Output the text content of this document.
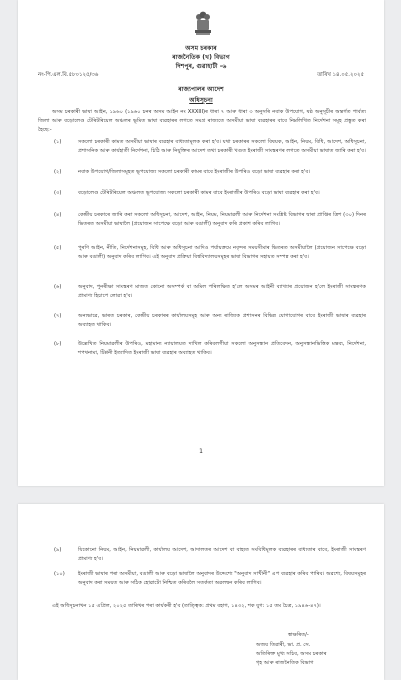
অসম চৰকাৰ
ৰাজনৈতিক (খ) বিভাগ
দিশপুৰ, গুৱাহাটী -৬
নং-পি.এল.বি.৫৮০১২৫/৩৬	তাৰিখ ১৪.০৫.২০২৫
ৰাজ্যপালৰ আদেশ
অধিসূচনা
অসম চৰকাৰী ভাষা আইন, ১৯৬০ (১৯৬০ চনৰ অসম আইন নং XXXIII)ৰ ধাৰা ৭ আৰু ধাৰা ৩ অনুসৰি নবাক উপযোগ, ষষ্ঠ অনুসূচীৰ অন্তৰ্গত পাৰ্বত্য জিলা আৰু বড়োলেণ্ড টেৰিটৰিয়েল অঞ্চলৰ ভূমিত ভাষা ব্যৱহাৰৰ লগতে সমগ্ৰ ৰাজ্যতে অসমীয়া ভাষা ব্যৱহাৰৰ বাবে নিম্নলিখিত নিৰ্দেশনা সমূহ প্ৰস্তুত কৰা হৈছে:-
(১)	সকলো চৰকাৰী কামত অসমীয়া ভাষাৰ ব্যৱহাৰ বাধ্যতামূলক কৰা হ'ব। যথা চৰকাৰৰ সকলো বিষয়ক, আইন, নিয়ম, বিধি, আদেশ, অধিসূচনা, প্ৰশাসনিক আৰু কাৰ্যহাতী নিৰ্দেশনা, চিঠি আৰু নিযুক্তিৰ আদেশ তথা চৰকাৰী খণ্ডত ইংৰাজী সাংস্কৰণৰ লগতে অসমীয়া ভাষাত জাৰি কৰা হ'ব।
(২)	নবাক উপযোগ/জিলাসমূহত ভূপযোজ্য সকলো চৰকাৰী কামৰ বাবে ইংৰাজীৰ উপৰিও বড়ো ভাষা ব্যৱহাৰ কৰা হ'ব।
(৩)	বড়োলেণ্ড টেৰিটৰিয়েল অঞ্চলত ভূপযোজ্য সকলো চৰকাৰী কামৰ বাবে ইংৰাজীৰ উপৰিও বড়ো ভাষা ব্যৱহাৰ কৰা হ'ব।
(৪)	কেন্দ্ৰীয় চৰকাৰে জাৰি কৰা সকলো অধিসূচনা, আদেশ, আইন, নিয়ম, নিয়মাৱলী আৰু নিৰ্দেশনা সংশ্লিষ্ট বিভাগৰ দ্বাৰা প্ৰাপ্তিৰ ত্ৰিশ (৩০) দিনৰ ভিতৰত অসমীয়া ভাষালৈ (প্ৰয়োজন সাপেক্ষে বড়ো আৰু বঙালী) অনুবাদ কৰি প্ৰকাশ কৰিব লাগিব।
(৫)	পুৰণি আইন, নীতি, নিৰ্দেশনাসমূহ, বিধি আৰু অধিসূচনা আদিও পৰ্যায়ক্ৰমে নবৃন্দৰ সময়সীমাৰ ভিতৰত অসমীয়ালৈ (প্ৰয়োজন সাপেক্ষে বড়ো আৰু বঙালী) অনুবাদ কৰিব লাগিব। এই অনুবাদ প্ৰক্ৰিয়া বিশ্ববিদ্যালয়সমূহৰ ভাষা বিভাগৰ সহায়ত সম্পন্ন কৰা হ'ব।
(৬)	অনুবাদ, পুনৰীক্ষা সাংস্কৰণ মাজত কোনো অসম্পৰ্ক বা অমিল পৰিলক্ষিত হ'লে অসমৰ আইনী ব্যাখ্যাৰ প্ৰয়োজন হ'লে ইংৰাজী সাংস্কৰণক প্ৰামাণ্য হিচাপে লোৱা হ'ব।
(৭)	অন্যভাৱে, ভাৰত চৰকাৰ, কেন্দ্ৰীয় চৰকাৰৰ কাৰ্যালয়সমূহ আৰু অন্য ৰাজ্যিক প্ৰশাসনৰ বিভিন্ন যোগাযোগৰ বাবে ইংৰাজী ভাষাৰ ব্যৱহাৰ অব্যাহত থাকিব।
(৮)	উল্লেখিত নিয়মাৱলীৰ উপৰিও, মহামান্য ন্যায়ালয়ত দাখিল কৰিবলগীয়া সকলো অনুসন্ধান প্ৰতিবেদন, অনুসন্ধানভিত্তিক মন্তব্য, নিৰ্দেশনা, শপথনামা, টিপ্পনী ইত্যাদিত ইংৰাজী ভাষা ব্যৱহাৰ অব্যাহত থাকিব।
1
(৯)	যিকোনো নিয়ম, আইন, নিয়মাৱলী, কাৰ্যালয় আদেশ, আদালতৰ আদেশ বা বাহ্যত সংবিধিমূলক ব্যৱহাৰৰ বাধ্যতাৰ বাবে, ইংৰাজী সাংস্কৰণ প্ৰামাণ্য হ'ব।
(১০)	ইংৰাজী ভাষাৰ পৰা অসমীয়া, বঙালী আৰু বড়ো ভাষালৈ অনুবাদৰ উদ্দেশ্যে "অনুবাদ সাখীনী" এপ ব্যৱহাৰ কৰিব পাৰিব। অৱশ্যে, বিষয়সমূহৰ অনুবাদ কৰা সময়ত আৰু সঠিক হোৱাটো নিশ্চিত কৰিবলৈ সতৰ্কতা অৱলম্বন কৰিব লাগিব।
এই অধিসূচনাখন ১৫ এপ্ৰিল, ২০২৫ তাৰিখৰ পৰা কাৰ্যকৰী হ'ব (তাত্ত্বিক: প্ৰথম বহাগ, ১৪৩২, শক যুগ: ১৫ তম চৈত্ৰ, ১৯৪৬-৪৭)।
স্বাক্ষৰিত/-
অজয় তিৱাৰী, ভা. প্ৰ. সে.
অতিৰিক্ত মুখ্য সচিব, অসম চৰকাৰ
গৃহ আৰু ৰাজনৈতিক বিভাগ
